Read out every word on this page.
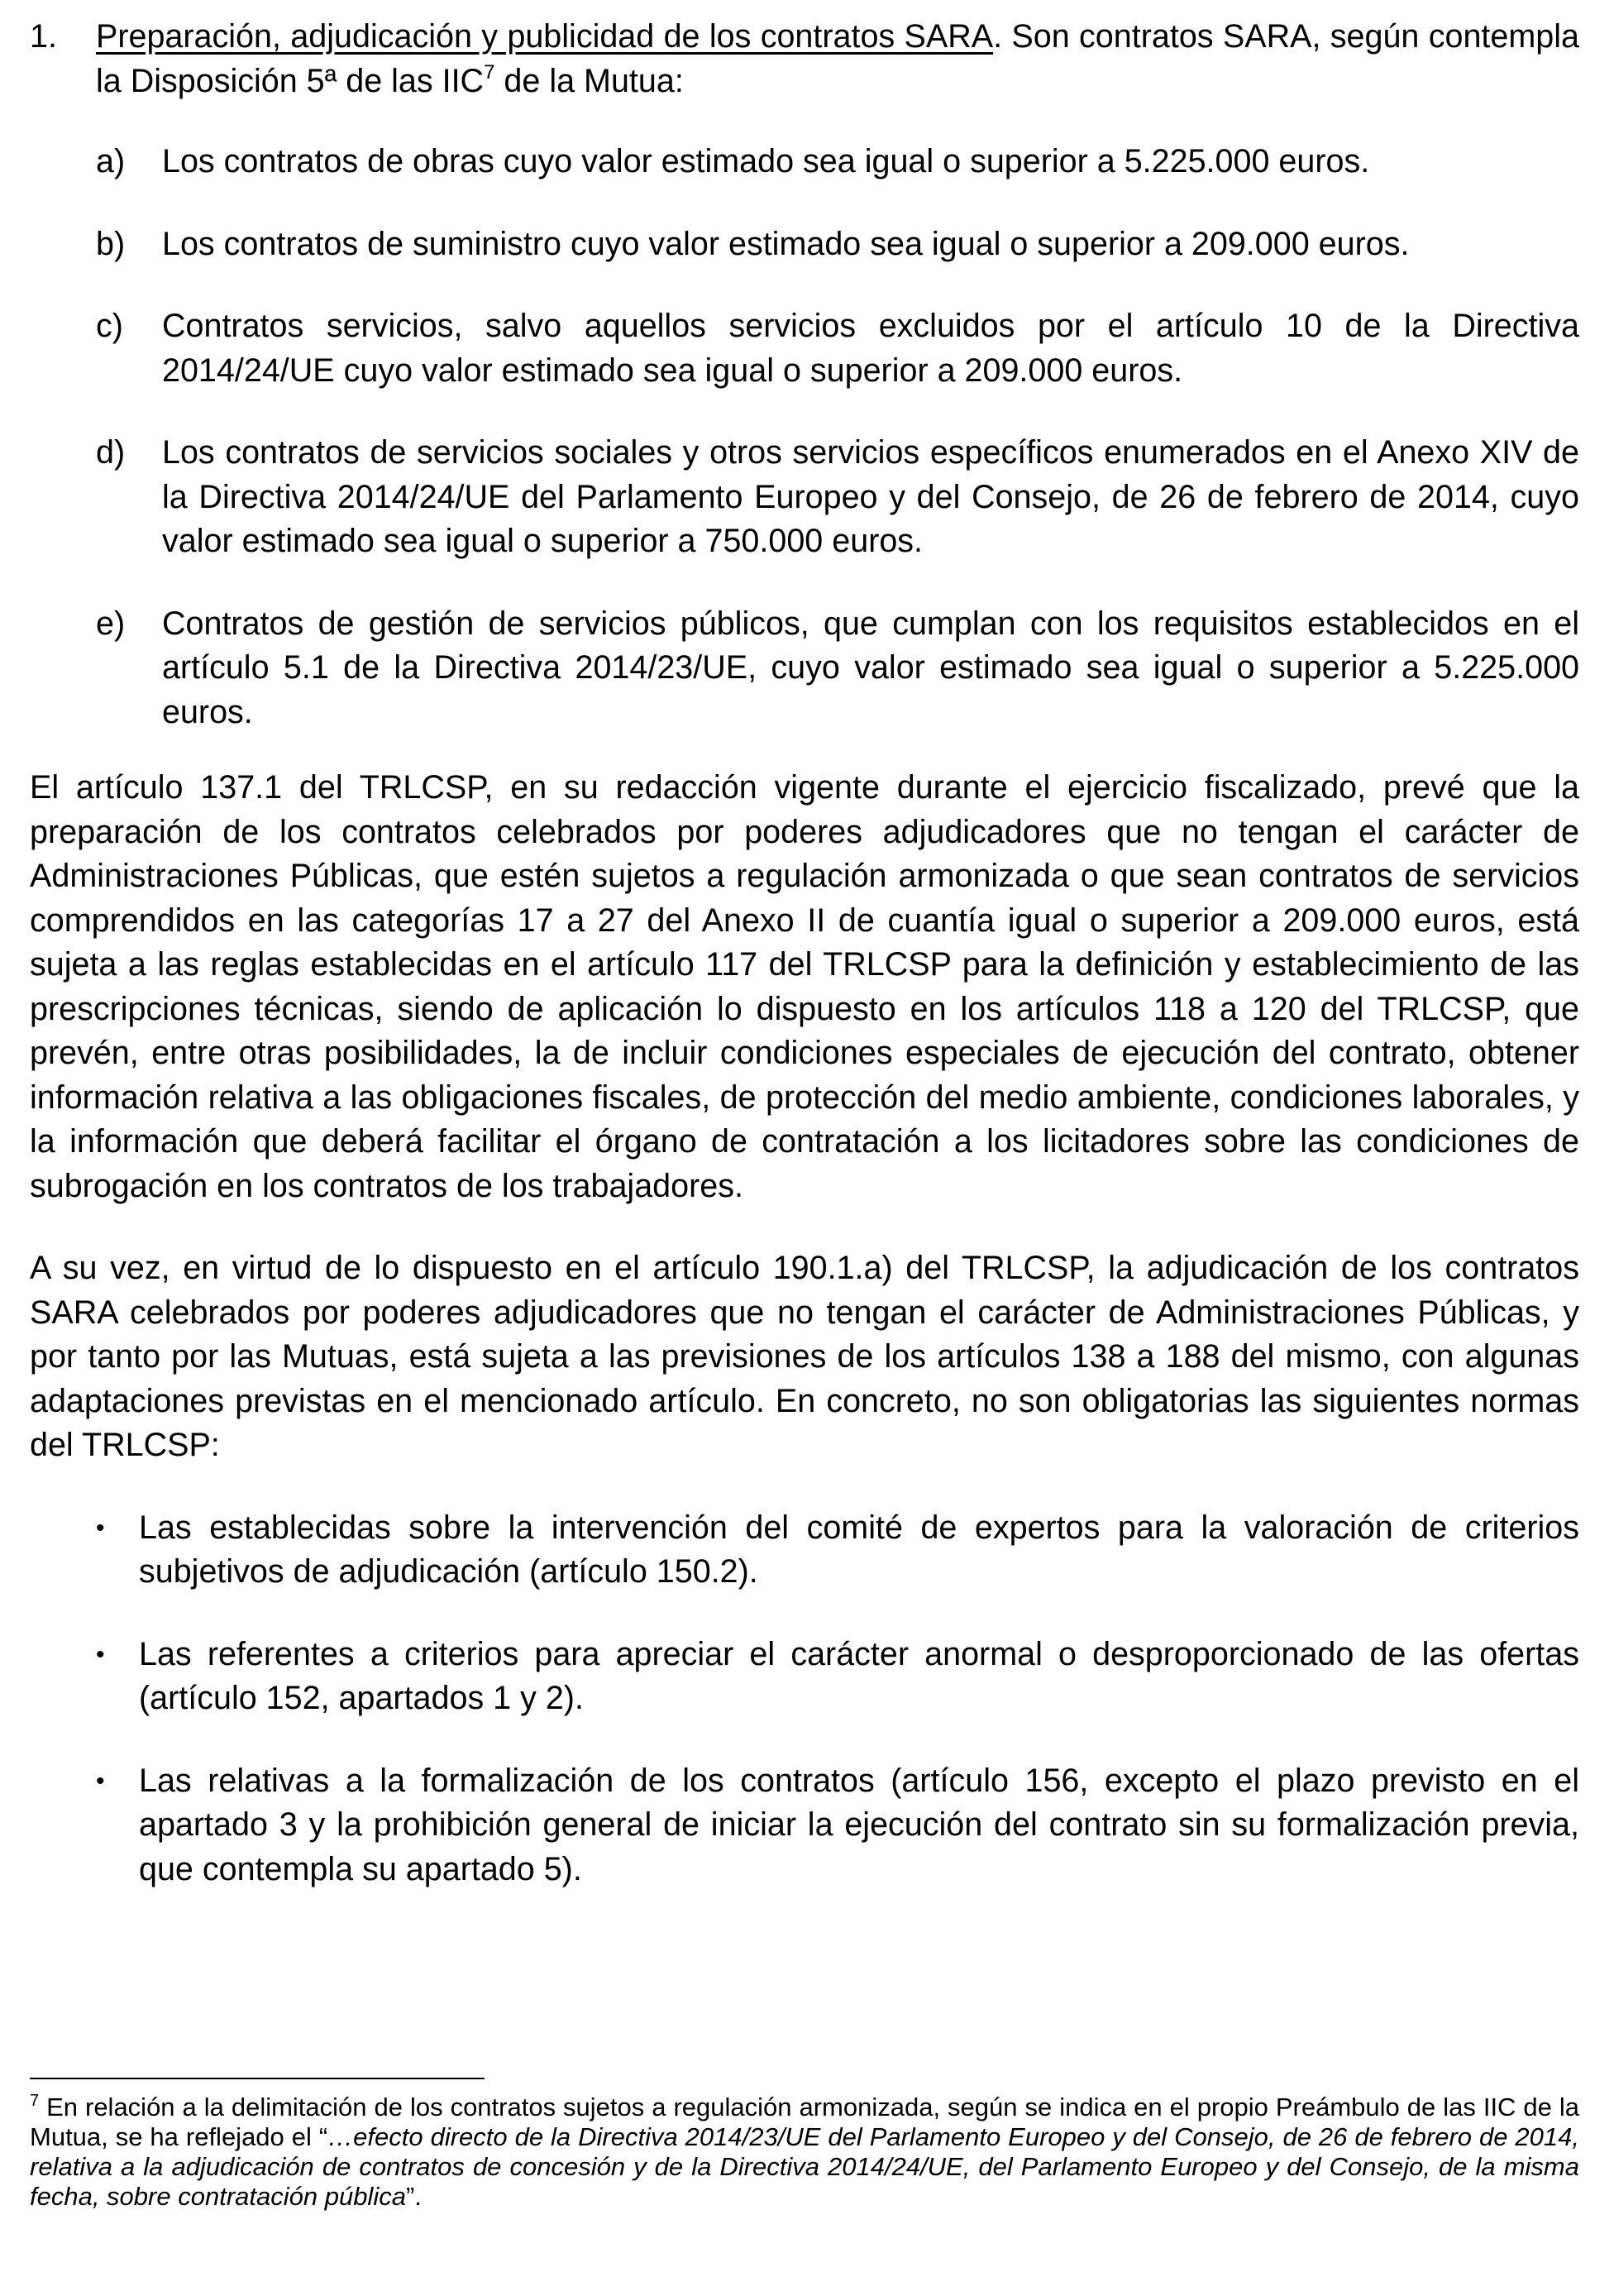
1.	Preparación, adjudicación y publicidad de los contratos SARA. Son contratos SARA, según contempla la Disposición 5ª de las IIC$^7$ de la Mutua:
a)	Los contratos de obras cuyo valor estimado sea igual o superior a 5.225.000 euros.
b)	Los contratos de suministro cuyo valor estimado sea igual o superior a 209.000 euros.
c)	Contratos servicios, salvo aquellos servicios excluidos por el artículo 10 de la Directiva 2014/24/UE cuyo valor estimado sea igual o superior a 209.000 euros.
d)	Los contratos de servicios sociales y otros servicios específicos enumerados en el Anexo XIV de la Directiva 2014/24/UE del Parlamento Europeo y del Consejo, de 26 de febrero de 2014, cuyo valor estimado sea igual o superior a 750.000 euros.
e)	Contratos de gestión de servicios públicos, que cumplan con los requisitos establecidos en el artículo 5.1 de la Directiva 2014/23/UE, cuyo valor estimado sea igual o superior a 5.225.000 euros.

El artículo 137.1 del TRLCSP, en su redacción vigente durante el ejercicio fiscalizado, prevé que la preparación de los contratos celebrados por poderes adjudicadores que no tengan el carácter de Administraciones Públicas, que estén sujetos a regulación armonizada o que sean contratos de servicios comprendidos en las categorías 17 a 27 del Anexo II de cuantía igual o superior a 209.000 euros, está sujeta a las reglas establecidas en el artículo 117 del TRLCSP para la definición y establecimiento de las prescripciones técnicas, siendo de aplicación lo dispuesto en los artículos 118 a 120 del TRLCSP, que prevén, entre otras posibilidades, la de incluir condiciones especiales de ejecución del contrato, obtener información relativa a las obligaciones fiscales, de protección del medio ambiente, condiciones laborales, y la información que deberá facilitar el órgano de contratación a los licitadores sobre las condiciones de subrogación en los contratos de los trabajadores.

A su vez, en virtud de lo dispuesto en el artículo 190.1.a) del TRLCSP, la adjudicación de los contratos SARA celebrados por poderes adjudicadores que no tengan el carácter de Administraciones Públicas, y por tanto por las Mutuas, está sujeta a las previsiones de los artículos 138 a 188 del mismo, con algunas adaptaciones previstas en el mencionado artículo. En concreto, no son obligatorias las siguientes normas del TRLCSP:

•	Las establecidas sobre la intervención del comité de expertos para la valoración de criterios subjetivos de adjudicación (artículo 150.2).
•	Las referentes a criterios para apreciar el carácter anormal o desproporcionado de las ofertas (artículo 152, apartados 1 y 2).
•	Las relativas a la formalización de los contratos (artículo 156, excepto el plazo previsto en el apartado 3 y la prohibición general de iniciar la ejecución del contrato sin su formalización previa, que contempla su apartado 5).
$^7$ En relación a la delimitación de los contratos sujetos a regulación armonizada, según se indica en el propio Preámbulo de las IIC de la Mutua, se ha reflejado el “…efecto directo de la Directiva 2014/23/UE del Parlamento Europeo y del Consejo, de 26 de febrero de 2014, relativa a la adjudicación de contratos de concesión y de la Directiva 2014/24/UE, del Parlamento Europeo y del Consejo, de la misma fecha, sobre contratación pública”.
